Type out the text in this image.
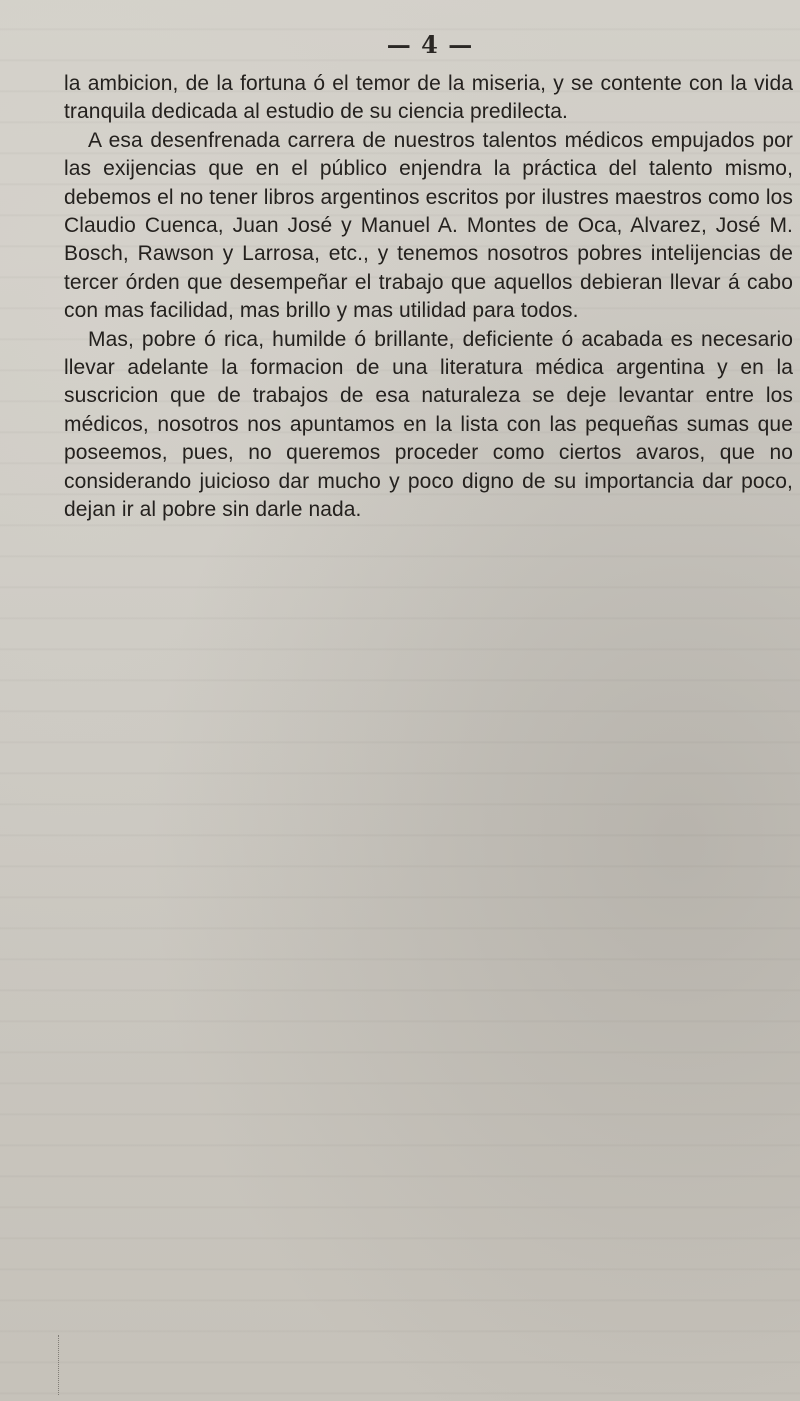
— 4 —

la ambicion, de la fortuna ó el temor de la miseria, y se contente con la vida tranquila dedicada al estudio de su ciencia predilecta.

A esa desenfrenada carrera de nuestros talentos médicos empujados por las exijencias que en el público enjendra la práctica del talento mismo, debemos el no tener libros argentinos escritos por ilustres maestros como los Claudio Cuenca, Juan José y Manuel A. Montes de Oca, Alvarez, José M. Bosch, Rawson y Larrosa, etc., y tenemos nosotros pobres intelijencias de tercer órden que desempeñar el trabajo que aquellos debieran llevar á cabo con mas facilidad, mas brillo y mas utilidad para todos.

Mas, pobre ó rica, humilde ó brillante, deficiente ó acabada es necesario llevar adelante la formacion de una literatura médica argentina y en la suscricion que de trabajos de esa naturaleza se deje levantar entre los médicos, nosotros nos apuntamos en la lista con las pequeñas sumas que poseemos, pues, no queremos proceder como ciertos avaros, que no considerando juicioso dar mucho y poco digno de su importancia dar poco, dejan ir al pobre sin darle nada.
